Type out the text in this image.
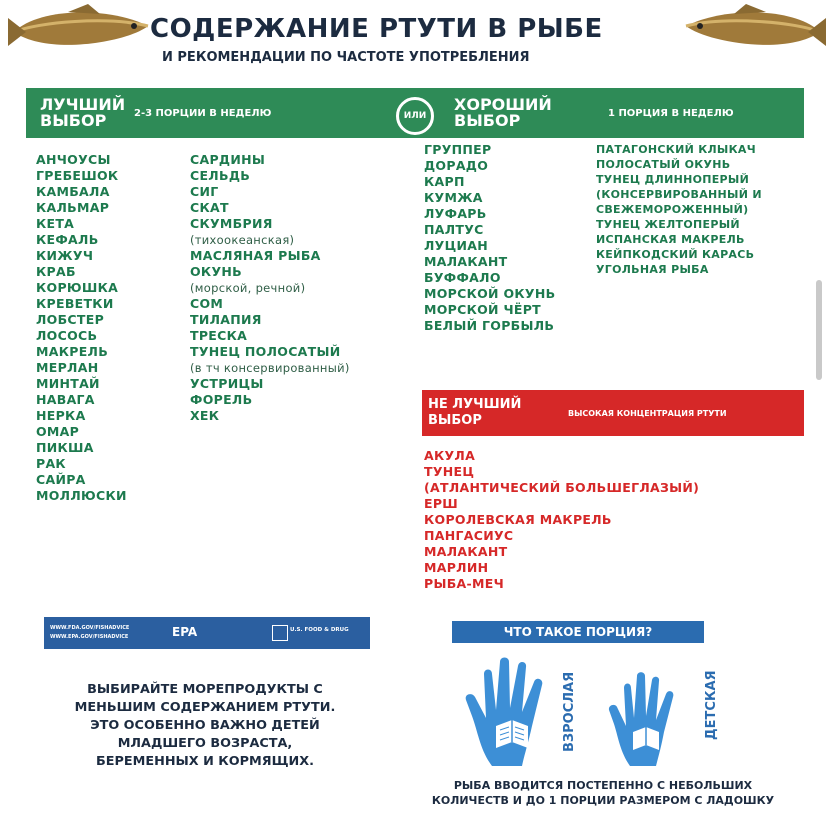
СОДЕРЖАНИЕ РТУТИ В РЫБЕ
И РЕКОМЕНДАЦИИ ПО ЧАСТОТЕ УПОТРЕБЛЕНИЯ
ЛУЧШИЙ
ВЫБОР	2-3 ПОРЦИИ В НЕДЕЛЮ	ХОРОШИЙ
ВЫБОР	1 ПОРЦИЯ В НЕДЕЛЮ
ИЛИ
АНЧОУСЫ
ГРЕБЕШОК
КАМБАЛА
КАЛЬМАР
КЕТА
КЕФАЛЬ
КИЖУЧ
КРАБ
КОРЮШКА
КРЕВЕТКИ
ЛОБСТЕР
ЛОСОСЬ
МАКРЕЛЬ
МЕРЛАН
МИНТАЙ
НАВАГА
НЕРКА
ОМАР
ПИКША
РАК
САЙРА
МОЛЛЮСКИ
САРДИНЫ
СЕЛЬДЬ
СИГ
СКАТ
СКУМБРИЯ
(тихоокеанская)
МАСЛЯНАЯ РЫБА
ОКУНЬ
(морской, речной)
СОМ
ТИЛАПИЯ
ТРЕСКА
ТУНЕЦ ПОЛОСАТЫЙ
(в тч консервированный)
УСТРИЦЫ
ФОРЕЛЬ
ХЕК
ГРУППЕР
ДОРАДО
КАРП
КУМЖА
ЛУФАРЬ
ПАЛТУС
ЛУЦИАН
МАЛАКАНТ
БУФФАЛО
МОРСКОЙ ОКУНЬ
МОРСКОЙ ЧЁРТ
БЕЛЫЙ ГОРБЫЛЬ
ПАТАГОНСКИЙ КЛЫКАЧ
ПОЛОСАТЫЙ ОКУНЬ
ТУНЕЦ ДЛИННОПЕРЫЙ
(КОНСЕРВИРОВАННЫЙ И
СВЕЖЕМОРОЖЕННЫЙ)
ТУНЕЦ ЖЕЛТОПЕРЫЙ
ИСПАНСКАЯ МАКРЕЛЬ
КЕЙПКОДСКИЙ КАРАСЬ
УГОЛЬНАЯ РЫБА
НЕ ЛУЧШИЙ
ВЫБОР	ВЫСОКАЯ КОНЦЕНТРАЦИЯ РТУТИ
АКУЛА
ТУНЕЦ
(АТЛАНТИЧЕСКИЙ БОЛЬШЕГЛАЗЫЙ)
ЕРШ
КОРОЛЕВСКАЯ МАКРЕЛЬ
ПАНГАСИУС
МАЛАКАНТ
МАРЛИН
РЫБА-МЕЧ
WWW.FDA.GOV/FISHADVICE
WWW.EPA.GOV/FISHADVICE	EPA	U.S. FOOD & DRUG
ВЫБИРАЙТЕ МОРЕПРОДУКТЫ С
МЕНЬШИМ СОДЕРЖАНИЕМ РТУТИ.
ЭТО ОСОБЕННО ВАЖНО ДЕТЕЙ
МЛАДШЕГО ВОЗРАСТА,
БЕРЕМЕННЫХ И КОРМЯЩИХ.
ЧТО ТАКОЕ ПОРЦИЯ?
ВЗРОСЛАЯ	ДЕТСКАЯ
РЫБА ВВОДИТСЯ ПОСТЕПЕННО С НЕБОЛЬШИХ
КОЛИЧЕСТВ И ДО 1 ПОРЦИИ РАЗМЕРОМ С ЛАДОШКУ
